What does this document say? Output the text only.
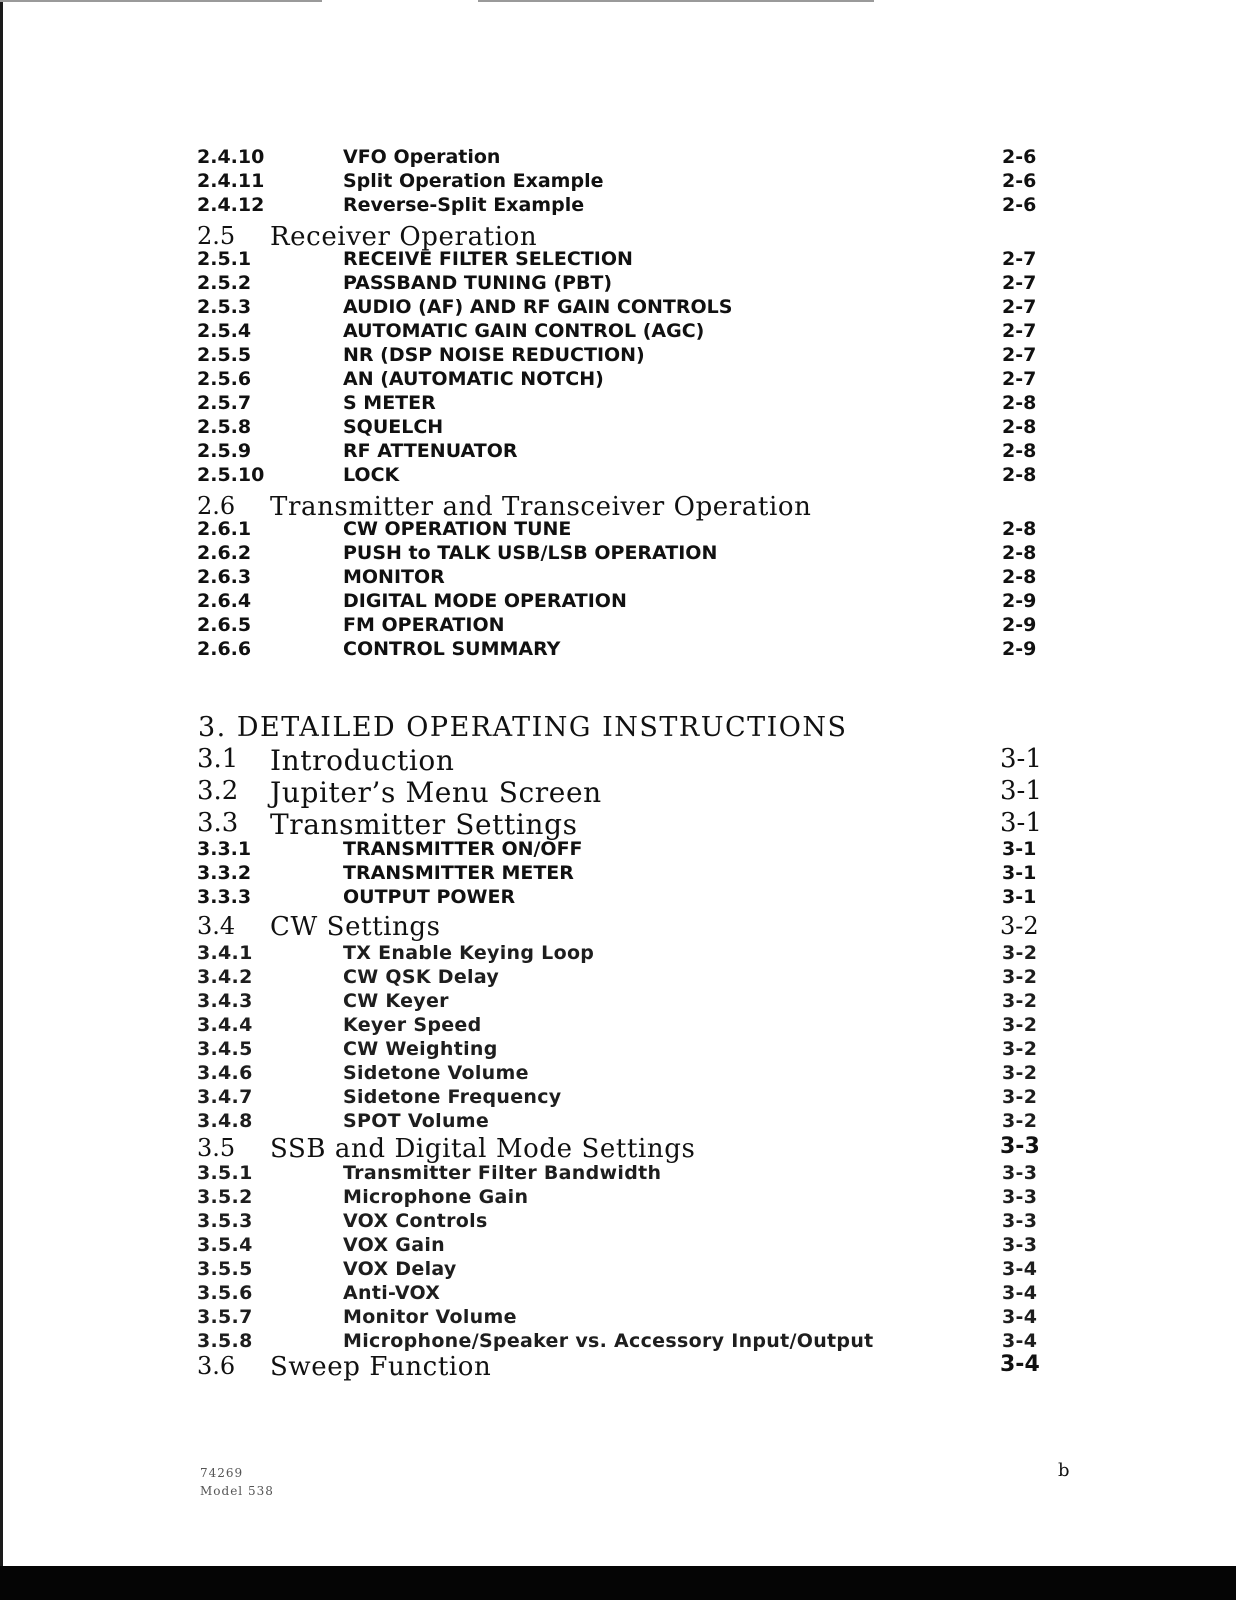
2.4.10	VFO Operation	2-6
2.4.11	Split Operation Example	2-6
2.4.12	Reverse-Split Example	2-6
2.5 Receiver Operation
2.5.1	RECEIVE FILTER SELECTION	2-7
2.5.2	PASSBAND TUNING (PBT)	2-7
2.5.3	AUDIO (AF) AND RF GAIN CONTROLS	2-7
2.5.4	AUTOMATIC GAIN CONTROL (AGC)	2-7
2.5.5	NR (DSP NOISE REDUCTION)	2-7
2.5.6	AN (AUTOMATIC NOTCH)	2-7
2.5.7	S METER	2-8
2.5.8	SQUELCH	2-8
2.5.9	RF ATTENUATOR	2-8
2.5.10	LOCK	2-8
2.6 Transmitter and Transceiver Operation
2.6.1	CW OPERATION TUNE	2-8
2.6.2	PUSH to TALK USB/LSB OPERATION	2-8
2.6.3	MONITOR	2-8
2.6.4	DIGITAL MODE OPERATION	2-9
2.6.5	FM OPERATION	2-9
2.6.6	CONTROL SUMMARY	2-9
3.1 Introduction	3-1
3.2 Jupiter’s Menu Screen	3-1
3.3 Transmitter Settings	3-1
3.3.1	TRANSMITTER ON/OFF	3-1
3.3.2	TRANSMITTER METER	3-1
3.3.3	OUTPUT POWER	3-1
3.4 CW Settings	3-2
3.4.1	TX Enable Keying Loop	3-2
3.4.2	CW QSK Delay	3-2
3.4.3	CW Keyer	3-2
3.4.4	Keyer Speed	3-2
3.4.5	CW Weighting	3-2
3.4.6	Sidetone Volume	3-2
3.4.7	Sidetone Frequency	3-2
3.4.8	SPOT Volume	3-2
3.5 SSB and Digital Mode Settings	3-3
3.5.1	Transmitter Filter Bandwidth	3-3
3.5.2	Microphone Gain	3-3
3.5.3	VOX Controls	3-3
3.5.4	VOX Gain	3-3
3.5.5	VOX Delay	3-4
3.5.6	Anti-VOX	3-4
3.5.7	Monitor Volume	3-4
3.5.8	Microphone/Speaker vs. Accessory Input/Output	3-4
3.6 Sweep Function	3-4
3. DETAILED OPERATING INSTRUCTIONS
74269
Model 538
b
